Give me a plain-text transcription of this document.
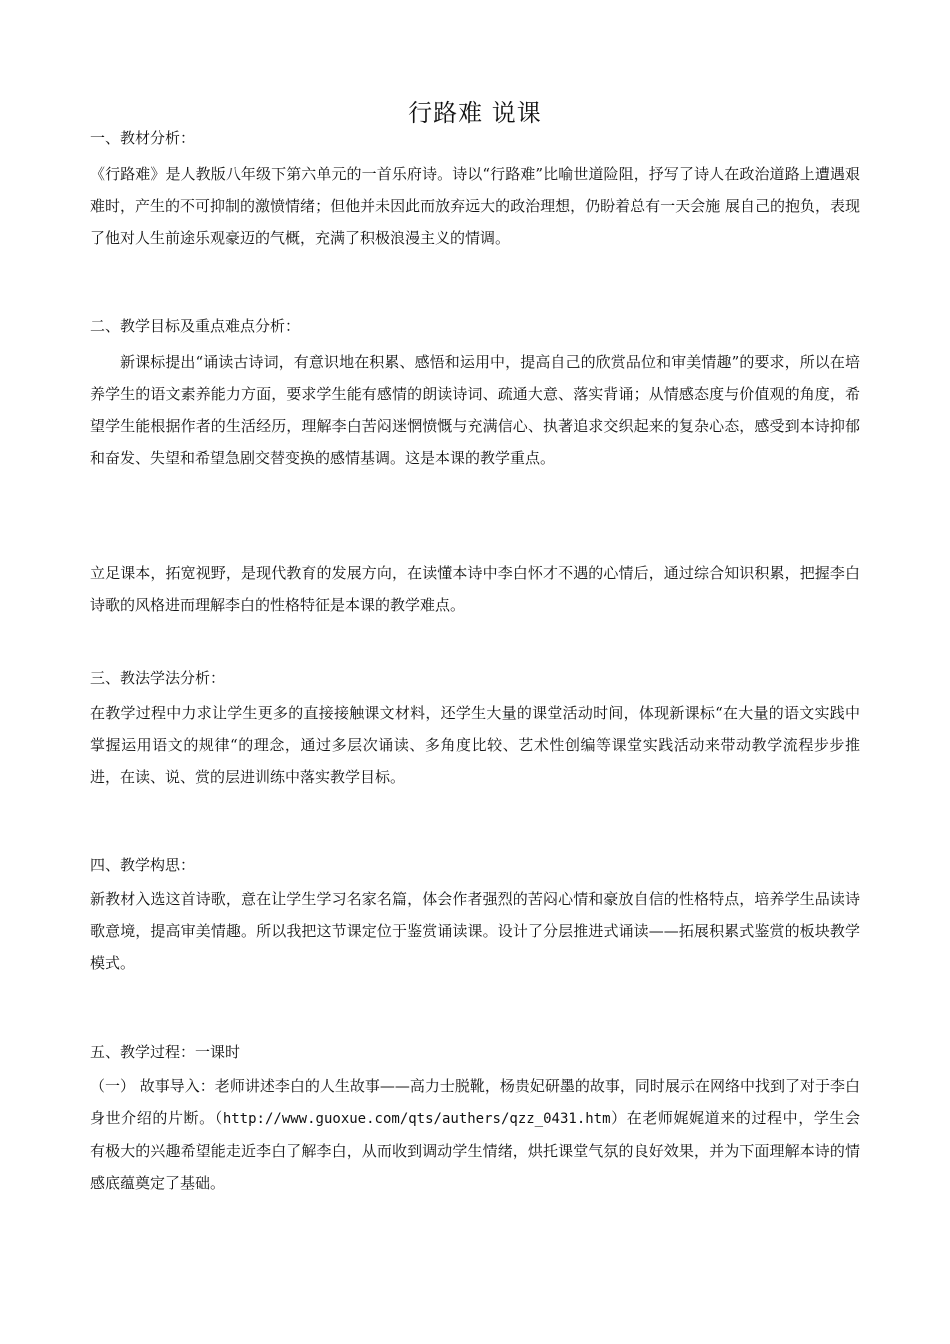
行路难 说课
一、教材分析：
《行路难》是人教版八年级下第六单元的一首乐府诗。诗以“行路难”比喻世道险阻，抒写了诗人在政治道路上遭遇艰难时，产生的不可抑制的激愤情绪；但他并未因此而放弃远大的政治理想，仍盼着总有一天会施 展自己的抱负，表现了他对人生前途乐观豪迈的气概，充满了积极浪漫主义的情调。
二、教学目标及重点难点分析：
新课标提出“诵读古诗词，有意识地在积累、感悟和运用中，提高自己的欣赏品位和审美情趣”的要求，所以在培养学生的语文素养能力方面，要求学生能有感情的朗读诗词、疏通大意、落实背诵；从情感态度与价值观的角度，希望学生能根据作者的生活经历，理解李白苦闷迷惘愤慨与充满信心、执著追求交织起来的复杂心态，感受到本诗抑郁和奋发、失望和希望急剧交替变换的感情基调。这是本课的教学重点。
立足课本，拓宽视野，是现代教育的发展方向，在读懂本诗中李白怀才不遇的心情后，通过综合知识积累，把握李白诗歌的风格进而理解李白的性格特征是本课的教学难点。
三、教法学法分析：
在教学过程中力求让学生更多的直接接触课文材料，还学生大量的课堂活动时间，体现新课标“在大量的语文实践中掌握运用语文的规律“的理念，通过多层次诵读、多角度比较、艺术性创编等课堂实践活动来带动教学流程步步推进，在读、说、赏的层进训练中落实教学目标。
四、教学构思：
新教材入选这首诗歌，意在让学生学习名家名篇，体会作者强烈的苦闷心情和豪放自信的性格特点，培养学生品读诗歌意境，提高审美情趣。所以我把这节课定位于鉴赏诵读课。设计了分层推进式诵读——拓展积累式鉴赏的板块教学模式。
五、教学过程：一课时
（一） 故事导入：老师讲述李白的人生故事——高力士脱靴，杨贵妃研墨的故事，同时展示在网络中找到了对于李白身世介绍的片断。（http://www.guoxue.com/qts/authers/qzz_0431.htm）在老师娓娓道来的过程中，学生会有极大的兴趣希望能走近李白了解李白，从而收到调动学生情绪，烘托课堂气氛的良好效果，并为下面理解本诗的情感底蕴奠定了基础。
